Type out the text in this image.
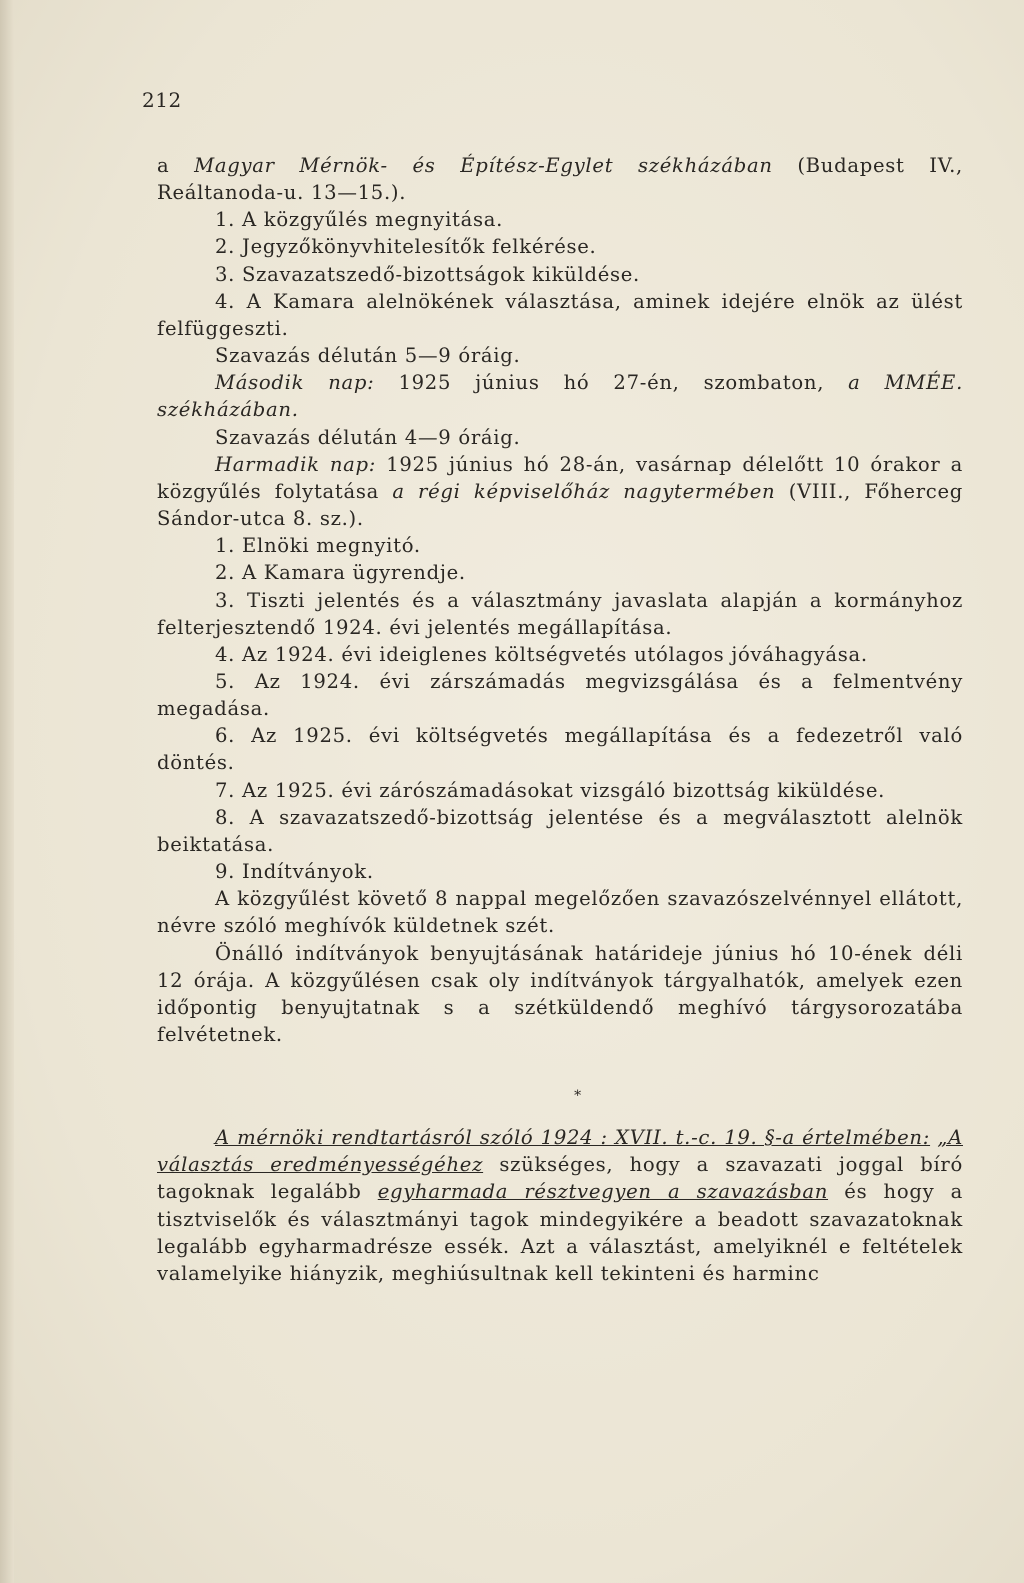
212

a Magyar Mérnök- és Építész-Egylet székházában (Budapest IV., Reáltanoda-u. 13—15.).

1. A közgyűlés megnyitása.

2. Jegyzőkönyvhitelesítők felkérése.

3. Szavazatszedő-bizottságok kiküldése.

4. A Kamara alelnökének választása, aminek idejére elnök az ülést felfüggeszti.

Szavazás délután 5—9 óráig.

Második nap: 1925 június hó 27-én, szombaton, a MMÉE. székházában.

Szavazás délután 4—9 óráig.

Harmadik nap: 1925 június hó 28-án, vasárnap délelőtt 10 órakor a közgyűlés folytatása a régi képviselőház nagytermében (VIII., Főherceg Sándor-utca 8. sz.).

1. Elnöki megnyitó.

2. A Kamara ügyrendje.

3. Tiszti jelentés és a választmány javaslata alapján a kormányhoz felterjesztendő 1924. évi jelentés megállapítása.

4. Az 1924. évi ideiglenes költségvetés utólagos jóváhagyása.

5. Az 1924. évi zárszámadás megvizsgálása és a felmentvény megadása.

6. Az 1925. évi költségvetés megállapítása és a fedezetről való döntés.

7. Az 1925. évi zárószámadásokat vizsgáló bizottság kiküldése.

8. A szavazatszedő-bizottság jelentése és a megválasztott alelnök beiktatása.

9. Indítványok.

A közgyűlést követő 8 nappal megelőzően szavazószelvénnyel ellátott, névre szóló meghívók küldetnek szét.

Önálló indítványok benyujtásának határideje június hó 10-ének déli 12 órája. A közgyűlésen csak oly indítványok tárgyalhatók, amelyek ezen időpontig benyujtatnak s a szétküldendő meghívó tárgysorozatába felvétetnek.

*

A mérnöki rendtartásról szóló 1924 : XVII. t.-c. 19. §-a értelmében: „A választás eredményességéhez szükséges, hogy a szavazati joggal bíró tagoknak legalább egyharmada résztvegyen a szavazásban és hogy a tisztviselők és választmányi tagok mindegyikére a beadott szavazatoknak legalább egyharmadrésze essék. Azt a választást, amelyiknél e feltételek valamelyike hiányzik, meghiúsultnak kell tekinteni és harminc
